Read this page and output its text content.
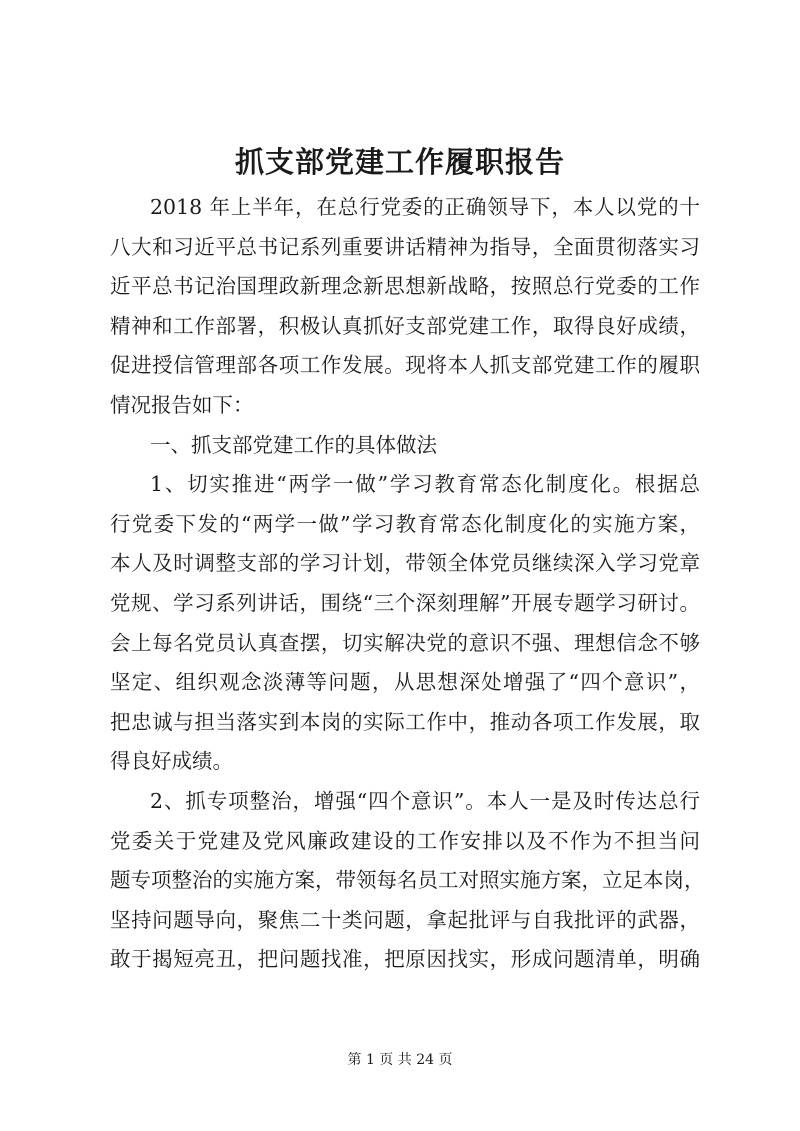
抓支部党建工作履职报告
2018 年上半年，在总行党委的正确领导下，本人以党的十
八大和习近平总书记系列重要讲话精神为指导，全面贯彻落实习
近平总书记治国理政新理念新思想新战略，按照总行党委的工作
精神和工作部署，积极认真抓好支部党建工作，取得良好成绩，
促进授信管理部各项工作发展。现将本人抓支部党建工作的履职
情况报告如下：
一、抓支部党建工作的具体做法
1、切实推进“两学一做”学习教育常态化制度化。根据总
行党委下发的“两学一做”学习教育常态化制度化的实施方案，
本人及时调整支部的学习计划，带领全体党员继续深入学习党章
党规、学习系列讲话，围绕“三个深刻理解”开展专题学习研讨。
会上每名党员认真查摆，切实解决党的意识不强、理想信念不够
坚定、组织观念淡薄等问题，从思想深处增强了“四个意识”，
把忠诚与担当落实到本岗的实际工作中，推动各项工作发展，取
得良好成绩。
2、抓专项整治，增强“四个意识”。本人一是及时传达总行
党委关于党建及党风廉政建设的工作安排以及不作为不担当问
题专项整治的实施方案，带领每名员工对照实施方案，立足本岗，
坚持问题导向，聚焦二十类问题，拿起批评与自我批评的武器，
敢于揭短亮丑，把问题找准，把原因找实，形成问题清单，明确
第 1 页 共 24 页
